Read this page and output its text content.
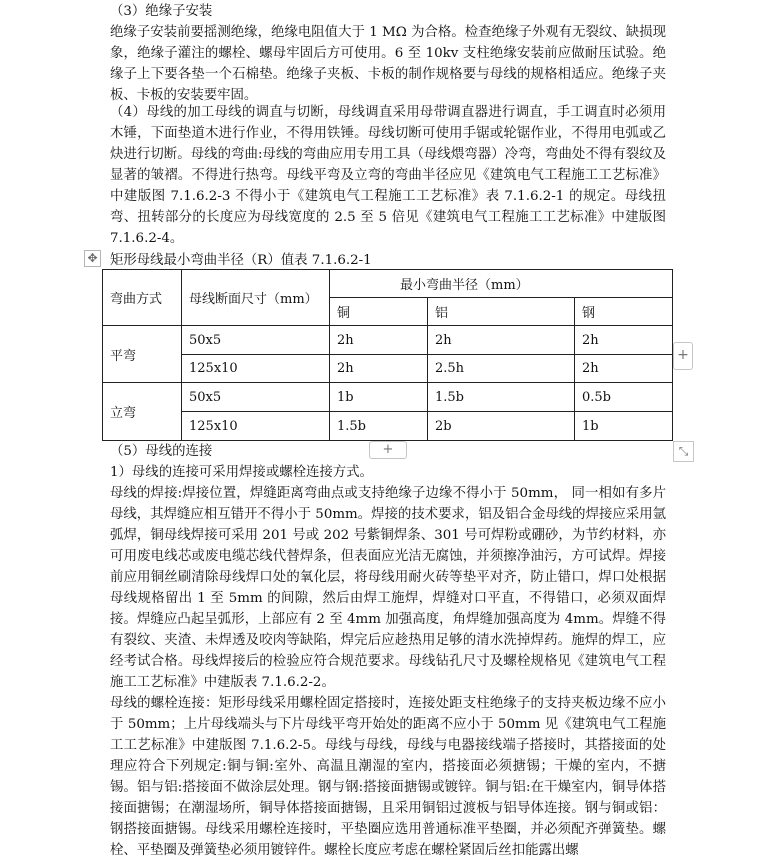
（3）绝缘子安装

绝缘子安装前要摇测绝缘，绝缘电阻值大于 1 MΩ 为合格。检查绝缘子外观有无裂纹、缺损现象，绝缘子灌注的螺栓、螺母牢固后方可使用。6 至 10kv 支柱绝缘安装前应做耐压试验。绝缘子上下要各垫一个石棉垫。绝缘子夹板、卡板的制作规格要与母线的规格相适应。绝缘子夹板、卡板的安装要牢固。

（4）母线的加工母线的调直与切断，母线调直采用母带调直器进行调直，手工调直时必须用木锤，下面垫道木进行作业，不得用铁锤。母线切断可使用手锯或轮锯作业，不得用电弧或乙炔进行切断。母线的弯曲:母线的弯曲应用专用工具（母线煨弯器）冷弯，弯曲处不得有裂纹及显著的皱褶。不得进行热弯。母线平弯及立弯的弯曲半径应见《建筑电气工程施工工艺标准》中建版图 7.1.6.2-3 不得小于《建筑电气工程施工工艺标准》表 7.1.6.2-1 的规定。母线扭弯、扭转部分的长度应为母线宽度的 2.5 至 5 倍见《建筑电气工程施工工艺标准》中建版图 7.1.6.2-4。

✥ 矩形母线最小弯曲半径（R）值表 7.1.6.2-1
弯曲方式	母线断面尺寸（mm）	最小弯曲半径（mm）		
		铜	铝	钢
平弯	50x5	2h	2h	2h
	125x10	2h	2.5h	2h
立弯	50x5	1b	1.5b	0.5b
	125x10	1.5b	2b	1b
+
+	⤡

（5）母线的连接

1）母线的连接可采用焊接或螺栓连接方式。

母线的焊接:焊接位置，焊缝距离弯曲点或支持绝缘子边缘不得小于 50mm， 同一相如有多片母线，其焊缝应相互错开不得小于 50mm。焊接的技术要求，铝及铝合金母线的焊接应采用氩弧焊，铜母线焊接可采用 201 号或 202 号紫铜焊条、301 号可焊粉或硼砂，为节约材料，亦可用废电线芯或废电缆芯线代替焊条，但表面应光洁无腐蚀，并须擦净油污，方可试焊。焊接前应用铜丝刷清除母线焊口处的氧化层，将母线用耐火砖等垫平对齐，防止错口，焊口处根据母线规格留出 1 至 5mm 的间隙，然后由焊工施焊，焊缝对口平直，不得错口，必须双面焊接。焊缝应凸起呈弧形，上部应有 2 至 4mm 加强高度，角焊缝加强高度为 4mm。焊缝不得有裂纹、夹渣、未焊透及咬肉等缺陷，焊完后应趁热用足够的清水洗掉焊药。施焊的焊工，应经考试合格。母线焊接后的检验应符合规范要求。母线钻孔尺寸及螺栓规格见《建筑电气工程施工工艺标准》中建版表 7.1.6.2-2。

母线的螺栓连接：矩形母线采用螺栓固定搭接时，连接处距支柱绝缘子的支持夹板边缘不应小于 50mm；上片母线端头与下片母线平弯开始处的距离不应小于 50mm 见《建筑电气工程施工工艺标准》中建版图 7.1.6.2-5。母线与母线，母线与电器接线端子搭接时，其搭接面的处理应符合下列规定:铜与铜:室外、高温且潮湿的室内，搭接面必须搪锡；干燥的室内，不搪锡。铝与铝:搭接面不做涂层处理。钢与钢:搭接面搪锡或镀锌。铜与铝:在干燥室内，铜导体搭接面搪锡；在潮湿场所，铜导体搭接面搪锡，且采用铜铝过渡板与铝导体连接。钢与铜或铝：钢搭接面搪锡。母线采用螺栓连接时，平垫圈应选用普通标准平垫圈，并必须配齐弹簧垫。螺栓、平垫圈及弹簧垫必须用镀锌件。螺栓长度应考虑在螺栓紧固后丝扣能露出螺
